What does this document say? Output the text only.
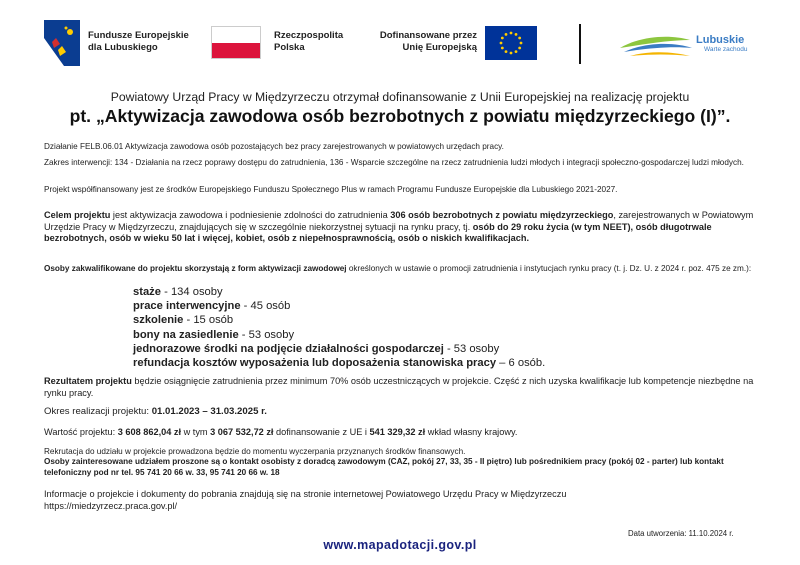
Fundusze Europejskie
dla Lubuskiego
Rzeczpospolita
Polska
Dofinansowane przez
Unię Europejską
Lubuskie
Warte zachodu
Powiatowy Urząd Pracy w Międzyrzeczu otrzymał dofinansowanie z Unii Europejskiej na realizację projektu
pt. „Aktywizacja zawodowa osób bezrobotnych z powiatu międzyrzeckiego (I)”.
Działanie FELB.06.01 Aktywizacja zawodowa osób pozostających bez pracy zarejestrowanych w powiatowych urzędach pracy.
Zakres interwencji: 134 - Działania na rzecz poprawy dostępu do zatrudnienia, 136 - Wsparcie szczególne na rzecz zatrudnienia ludzi młodych i integracji społeczno-gospodarczej ludzi młodych.
Projekt współfinansowany jest ze środków Europejskiego Funduszu Społecznego Plus w ramach Programu Fundusze Europejskie dla Lubuskiego 2021-2027.
Celem projektu jest aktywizacja zawodowa i podniesienie zdolności do zatrudnienia 306 osób bezrobotnych z powiatu międzyrzeckiego, zarejestrowanych w Powiatowym Urzędzie Pracy w Międzyrzeczu, znajdujących się w szczególnie niekorzystnej sytuacji na rynku pracy, tj. osób do 29 roku życia (w tym NEET), osób długotrwale bezrobotnych, osób w wieku 50 lat i więcej, kobiet, osób z niepełnosprawnością, osób o niskich kwalifikacjach.
Osoby zakwalifikowane do projektu skorzystają z form aktywizacji zawodowej określonych w ustawie o promocji zatrudnienia i instytucjach rynku pracy (t. j. Dz. U. z 2024 r. poz. 475 ze zm.):
staże - 134 osoby
prace interwencyjne - 45 osób
szkolenie - 15 osób
bony na zasiedlenie - 53 osoby
jednorazowe środki na podjęcie działalności gospodarczej - 53 osoby
refundacja kosztów wyposażenia lub doposażenia stanowiska pracy – 6 osób.
Rezultatem projektu będzie osiągnięcie zatrudnienia przez minimum 70% osób uczestniczących w projekcie. Część z nich uzyska kwalifikacje lub kompetencje niezbędne na rynku pracy.
Okres realizacji projektu: 01.01.2023 – 31.03.2025 r.
Wartość projektu: 3 608 862,04 zł w tym 3 067 532,72 zł dofinansowanie z UE i 541 329,32 zł wkład własny krajowy.
Rekrutacja do udziału w projekcie prowadzona będzie do momentu wyczerpania przyznanych środków finansowych.
Osoby zainteresowane udziałem proszone są o kontakt osobisty z doradcą zawodowym (CAZ, pokój 27, 33, 35 - II piętro) lub pośrednikiem pracy (pokój 02 - parter) lub kontakt telefoniczny pod nr tel. 95 741 20 66 w. 33, 95 741 20 66 w. 18
Informacje o projekcie i dokumenty do pobrania znajdują się na stronie internetowej Powiatowego Urzędu Pracy w Międzyrzeczu
https://miedzyrzecz.praca.gov.pl/
Data utworzenia: 11.10.2024 r.
www.mapadotacji.gov.pl
